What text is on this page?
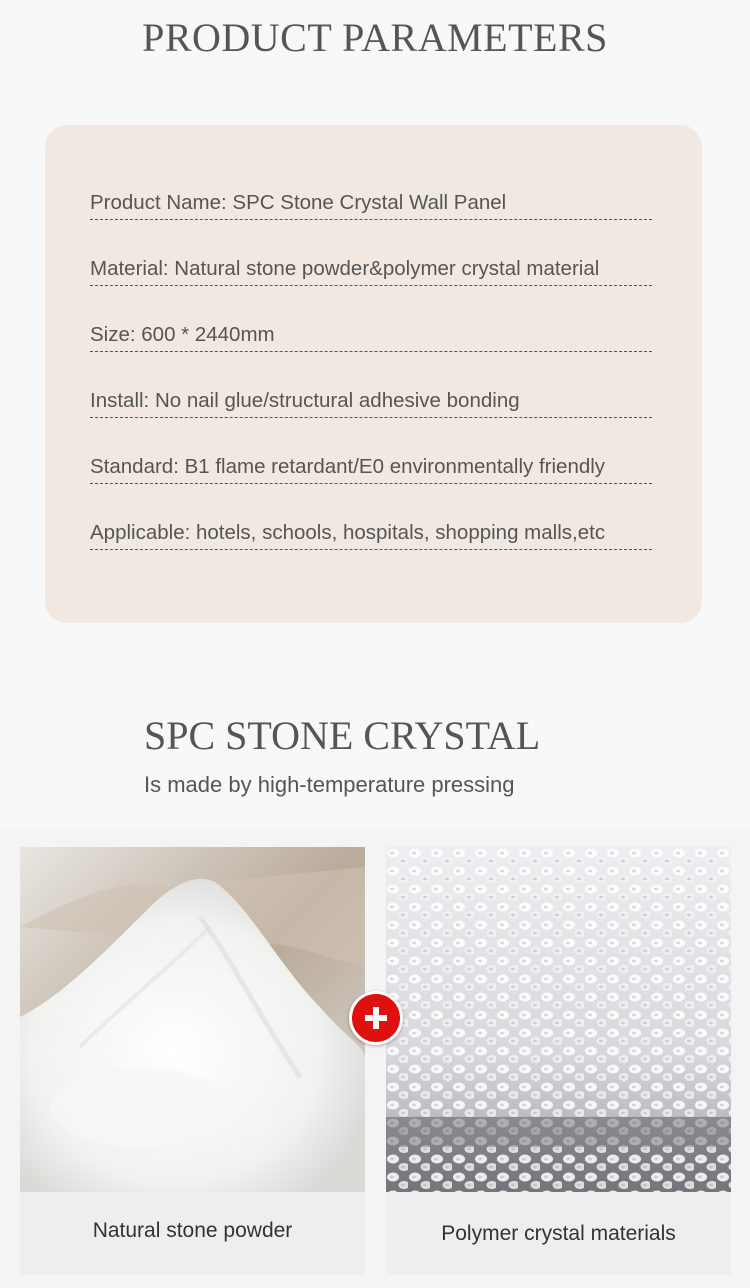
PRODUCT PARAMETERS
Product Name: SPC Stone Crystal Wall Panel
Material: Natural stone powder&polymer crystal material
Size: 600 * 2440mm
Install: No nail glue/structural adhesive bonding
Standard: B1 flame retardant/E0 environmentally friendly
Applicable: hotels, schools, hospitals, shopping malls,etc
SPC STONE CRYSTAL
Is made by high-temperature pressing
Natural stone powder	Polymer crystal materials
